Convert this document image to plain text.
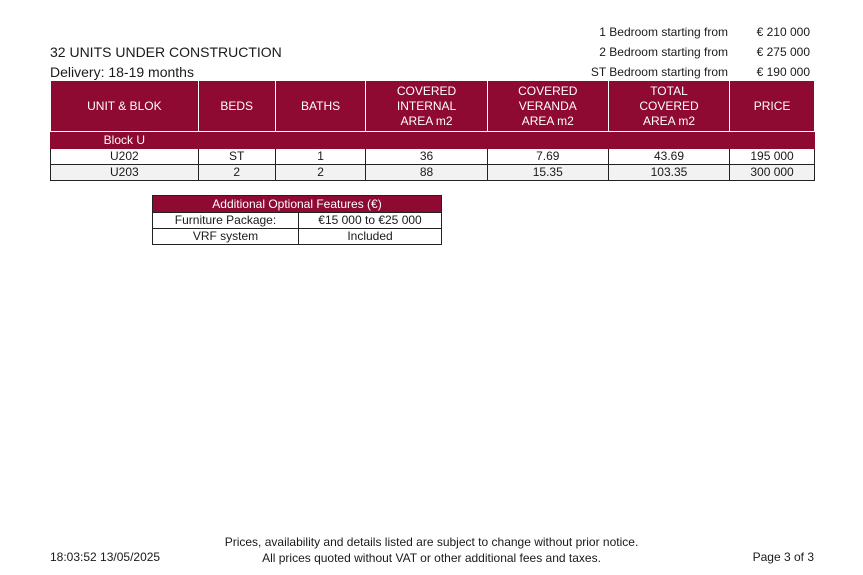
1 Bedroom starting from	€ 210 000
2 Bedroom starting from	€ 275 000
ST Bedroom starting from	€ 190 000
32 UNITS UNDER CONSTRUCTION
Delivery: 18-19 months
UNIT & BLOK	BEDS	BATHS	COVERED
INTERNAL
AREA m2	COVERED
VERANDA
AREA m2	TOTAL
COVERED
AREA m2	PRICE
Block U						
U202	ST	1	36	7.69	43.69	195 000
U203	2	2	88	15.35	103.35	300 000
Additional Optional Features (€)	
Furniture Package:	€15 000 to €25 000
VRF system	Included
Prices, availability and details listed are subject to change without prior notice.
All prices quoted without VAT or other additional fees and taxes.
18:03:52 13/05/2025	Page 3 of 3
